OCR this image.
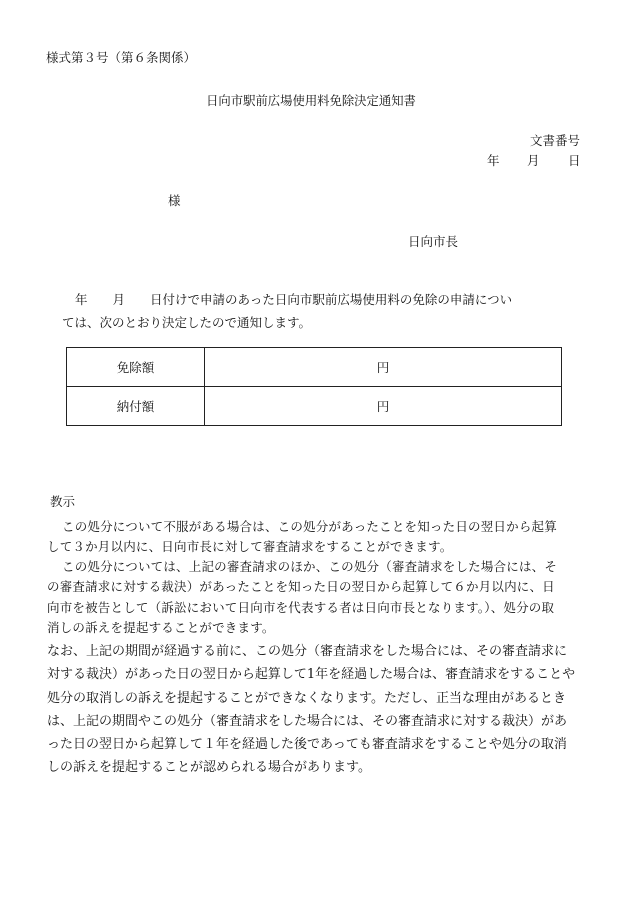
様式第３号（第６条関係）
日向市駅前広場使用料免除決定通知書
文書番号
年 月 日
様
日向市長
年 月 日付けで申請のあった日向市駅前広場使用料の免除の申請につい
ては、次のとおり決定したので通知します。
免除額	円
納付額	円
教示
この処分について不服がある場合は、この処分があったことを知った日の翌日から起算
して３か月以内に、日向市長に対して審査請求をすることができます。
この処分については、上記の審査請求のほか、この処分（審査請求をした場合には、そ
の審査請求に対する裁決）があったことを知った日の翌日から起算して６か月以内に、日
向市を被告として（訴訟において日向市を代表する者は日向市長となります。）、処分の取
消しの訴えを提起することができます。
なお、上記の期間が経過する前に、この処分（審査請求をした場合には、その審査請求に
対する裁決）があった日の翌日から起算して1年を経過した場合は、審査請求をすることや
処分の取消しの訴えを提起することができなくなります。ただし、正当な理由があるとき
は、上記の期間やこの処分（審査請求をした場合には、その審査請求に対する裁決）があ
った日の翌日から起算して１年を経過した後であっても審査請求をすることや処分の取消
しの訴えを提起することが認められる場合があります。
